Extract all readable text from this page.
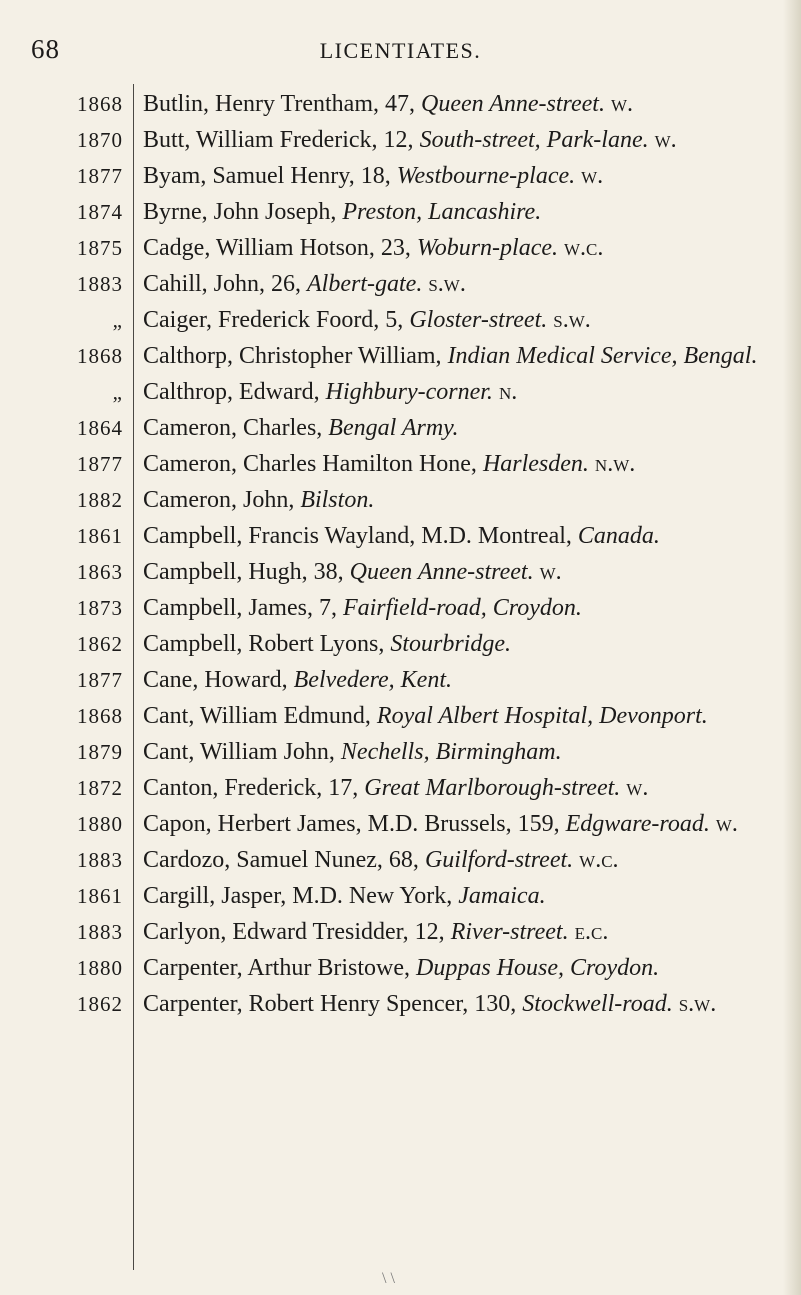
68	LICENTIATES.
1868 Butlin, Henry Trentham, 47, Queen Anne-street. w.
1870 Butt, William Frederick, 12, South-street, Park-lane. w.
1877 Byam, Samuel Henry, 18, Westbourne-place. w.
1874 Byrne, John Joseph, Preston, Lancashire.
1875 Cadge, William Hotson, 23, Woburn-place. w.c.
1883 Cahill, John, 26, Albert-gate. s.w.
„ Caiger, Frederick Foord, 5, Gloster-street. s.w.
1868 Calthorp, Christopher William, Indian Medical Service, Bengal.
„ Calthrop, Edward, Highbury-corner. n.
1864 Cameron, Charles, Bengal Army.
1877 Cameron, Charles Hamilton Hone, Harlesden. n.w.
1882 Cameron, John, Bilston.
1861 Campbell, Francis Wayland, M.D. Montreal, Canada.
1863 Campbell, Hugh, 38, Queen Anne-street. w.
1873 Campbell, James, 7, Fairfield-road, Croydon.
1862 Campbell, Robert Lyons, Stourbridge.
1877 Cane, Howard, Belvedere, Kent.
1868 Cant, William Edmund, Royal Albert Hospital, Devonport.
1879 Cant, William John, Nechells, Birmingham.
1872 Canton, Frederick, 17, Great Marlborough-street. w.
1880 Capon, Herbert James, M.D. Brussels, 159, Edgware-road. w.
1883 Cardozo, Samuel Nunez, 68, Guilford-street. w.c.
1861 Cargill, Jasper, M.D. New York, Jamaica.
1883 Carlyon, Edward Tresidder, 12, River-street. e.c.
1880 Carpenter, Arthur Bristowe, Duppas House, Croydon.
1862 Carpenter, Robert Henry Spencer, 130, Stockwell-road. s.w.
\ \
